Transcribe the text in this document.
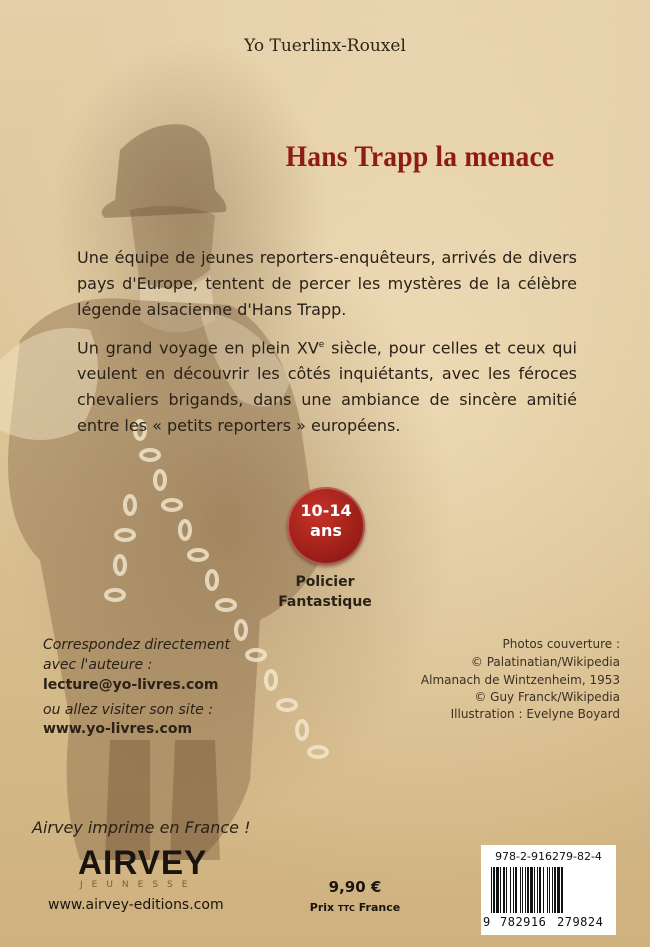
Yo Tuerlinx-Rouxel
Hans Trapp la menace
Une équipe de jeunes reporters-enquêteurs, arrivés de divers pays d'Europe, tentent de percer les mystères de la célèbre légende alsacienne d'Hans Trapp.
Un grand voyage en plein XVe siècle, pour celles et ceux qui veulent en découvrir les côtés inquiétants, avec les féroces chevaliers brigands, dans une ambiance de sincère amitié entre les « petits reporters » européens.
10-14
ans
Policier
Fantastique
Correspondez directement
avec l'auteure :
lecture@yo-livres.com
ou allez visiter son site :
www.yo-livres.com
Photos couverture :
© Palatinatian/Wikipedia
Almanach de Wintzenheim, 1953
© Guy Franck/Wikipedia
Illustration : Evelyne Boyard
Airvey imprime en France !
AIRVEY
JEUNESSE
www.airvey-editions.com
9,90 €
Prix TTC France
978-2-916279-82-4
9 782916 279824
